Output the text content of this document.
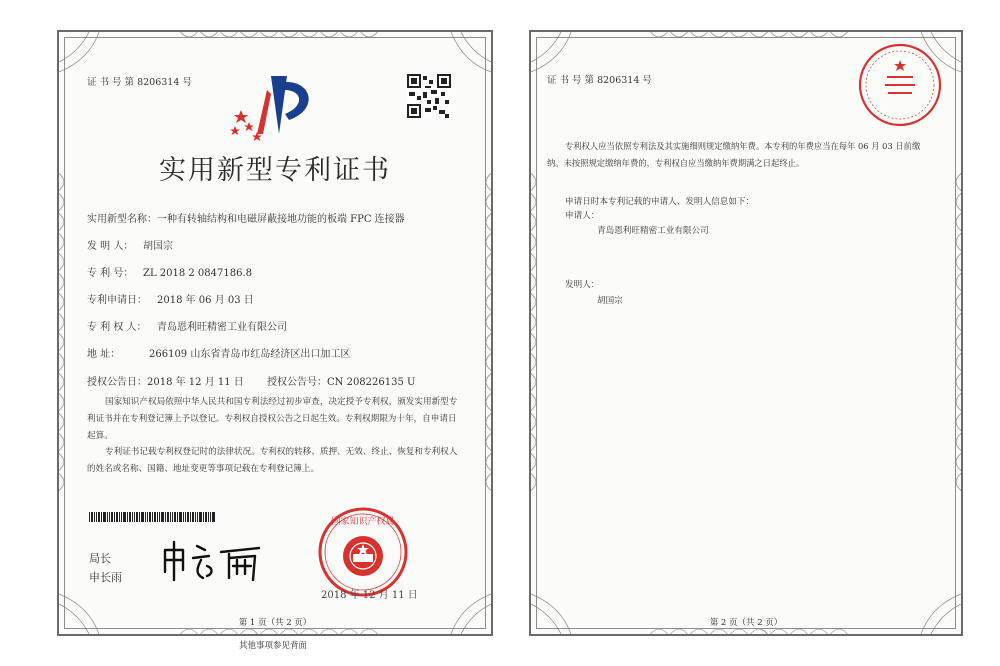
证 书 号 第 8206314 号
实用新型专利证书
实用新型名称：一种有转轴结构和电磁屏蔽接地功能的板端 FPC 连接器
发 明 人： 胡国宗
专 利 号： ZL 2018 2 0847186.8
专利申请日： 2018 年 06 月 03 日
专 利 权 人： 青岛恩利旺精密工业有限公司
地 址：	266109 山东省青岛市红岛经济区出口加工区
授权公告日：2018 年 12 月 11 日 授权公告号：CN 208226135 U
国家知识产权局依照中华人民共和国专利法经过初步审查，决定授予专利权，颁发实用新型专利证书并在专利登记簿上予以登记。专利权自授权公告之日起生效。专利权期限为十年，自申请日起算。
专利证书记载专利权登记时的法律状况。专利权的转移、质押、无效、终止、恢复和专利权人的姓名或名称、国籍、地址变更等事项记载在专利登记簿上。
局长
申长雨
国家知识产权局
2018 年 12 月 11 日
第 1 页（共 2 页）
其他事项参见背面
证 书 号 第 8206314 号
专利权人应当依照专利法及其实施细则规定缴纳年费。本专利的年费应当在每年 06 月 03 日前缴纳。未按照规定缴纳年费的，专利权自应当缴纳年费期满之日起终止。
申请日时本专利记载的申请人、发明人信息如下：
申请人：
青岛恩利旺精密工业有限公司
发明人：
胡国宗
第 2 页（共 2 页）
